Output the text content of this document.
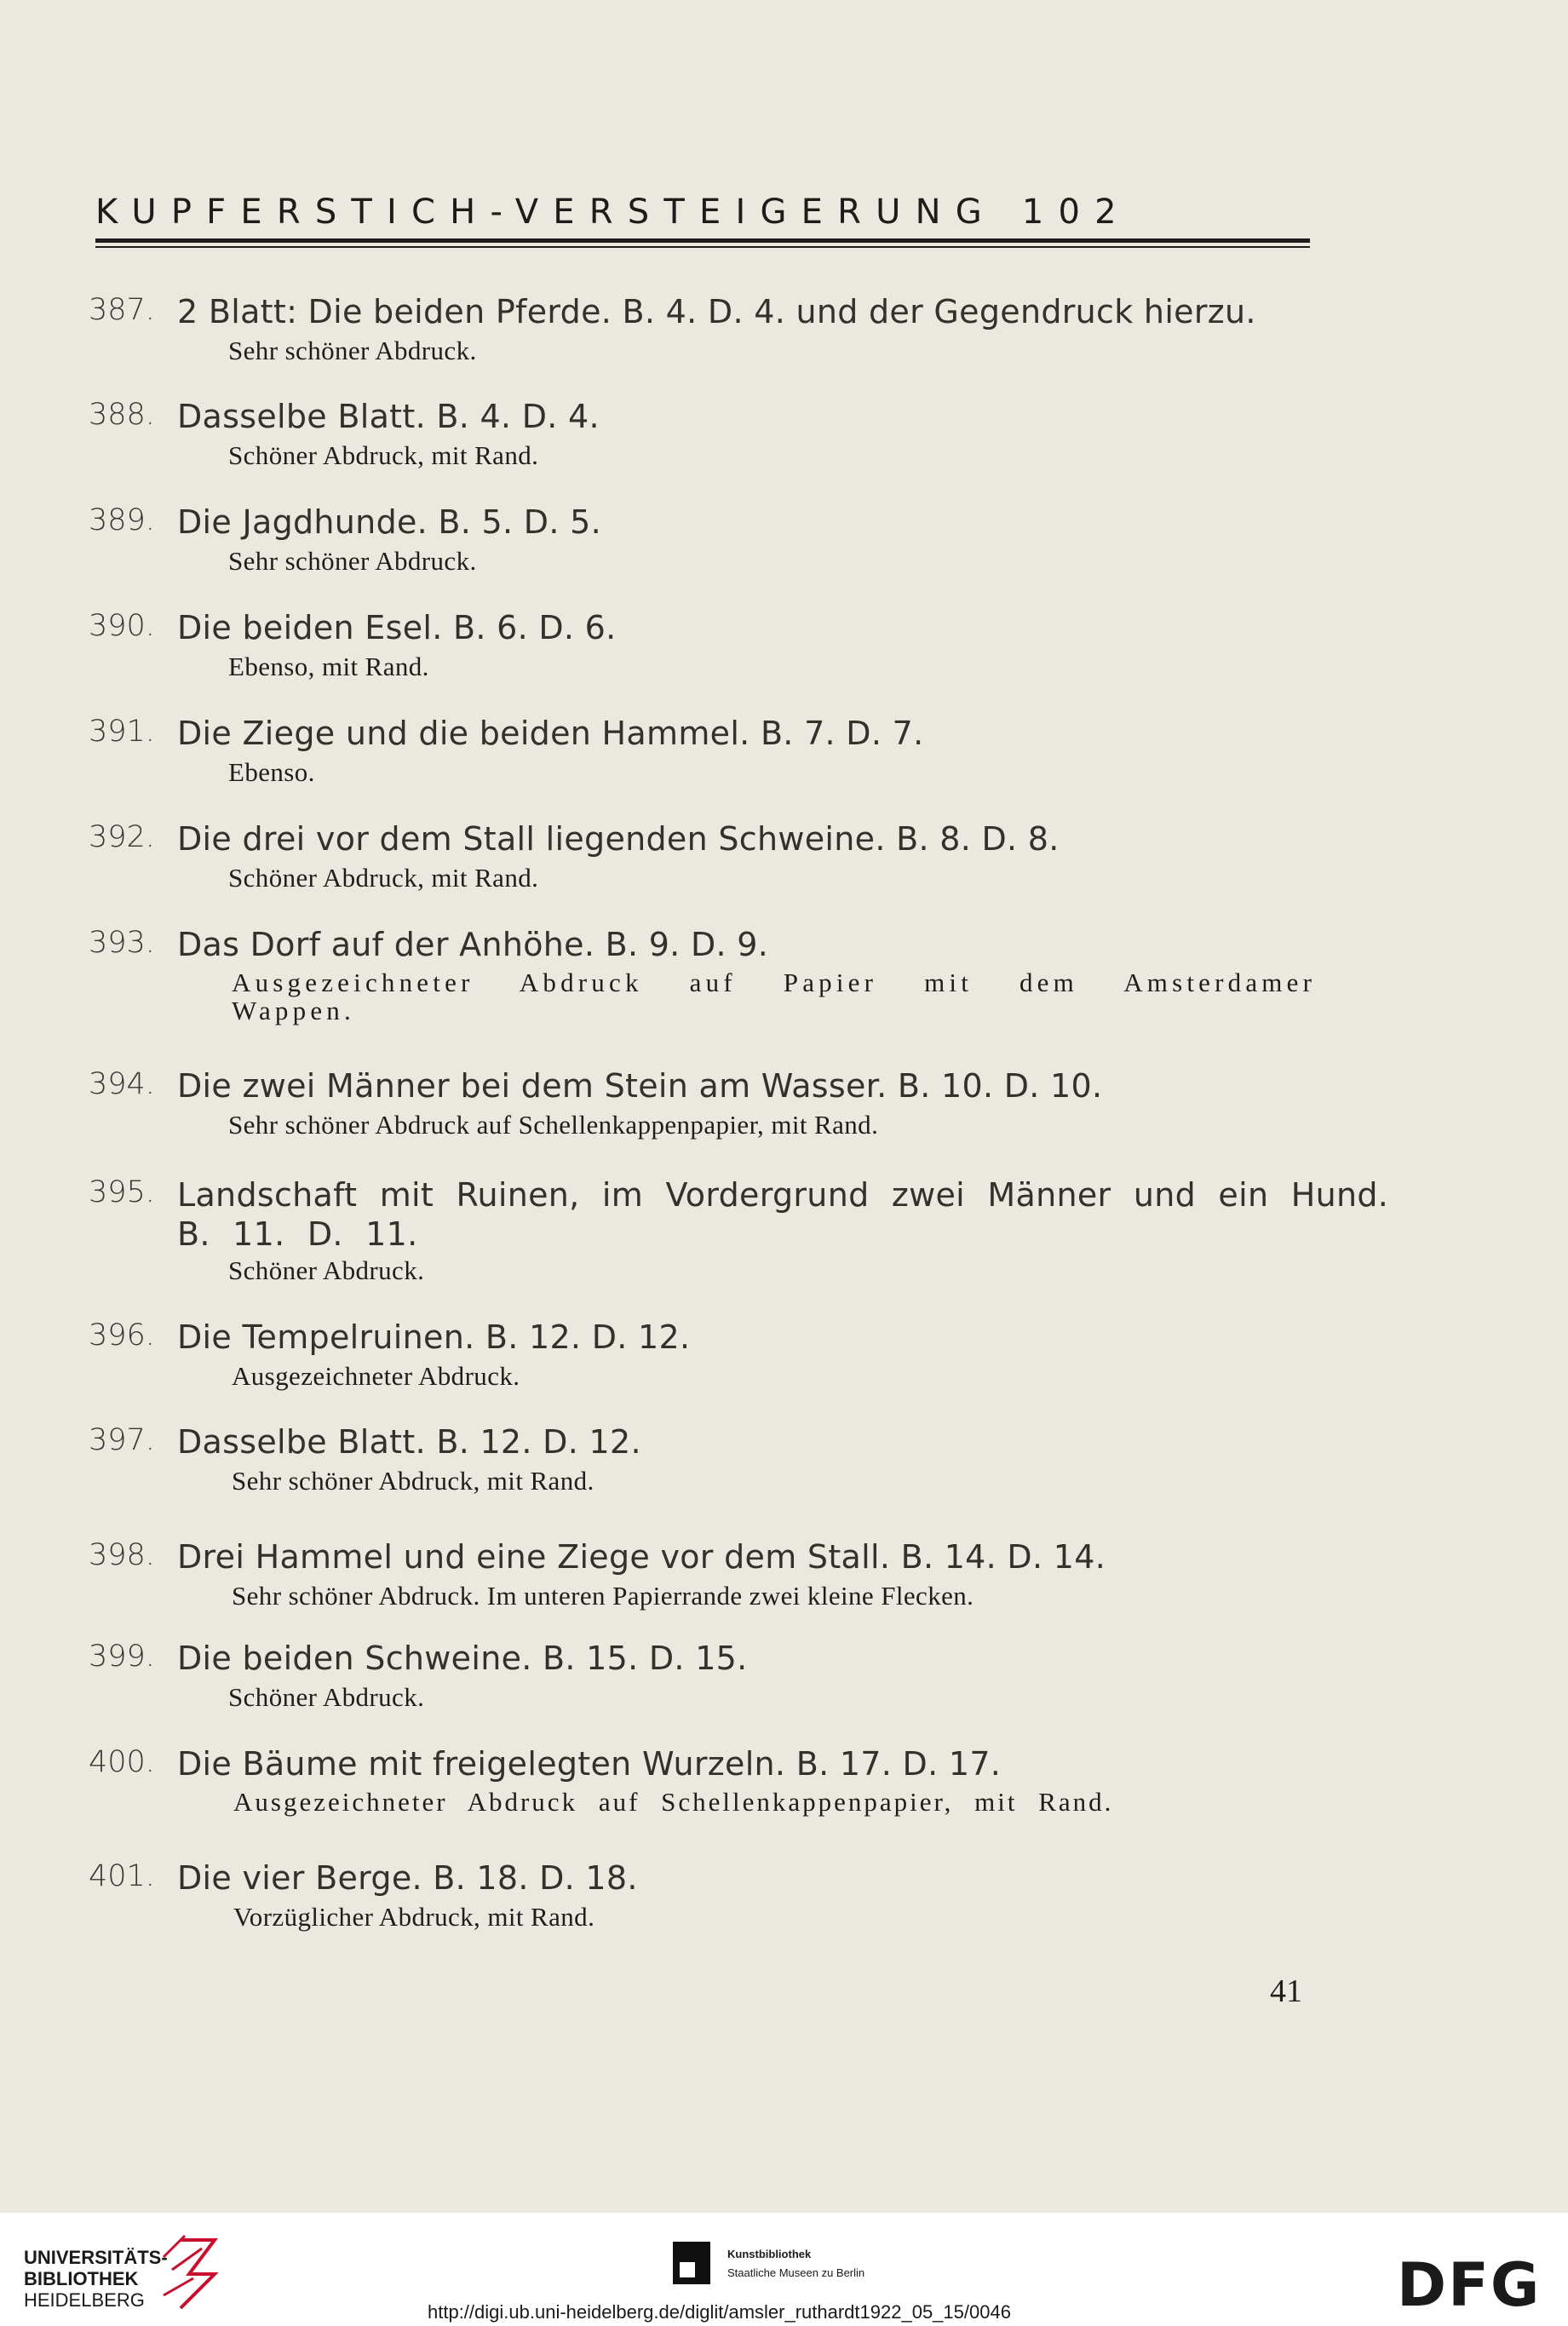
KUPFERSTICH-VERSTEIGERUNG 102
387. 2 Blatt: Die beiden Pferde. B. 4. D. 4. und der Gegendruck hierzu.
Sehr schöner Abdruck.
388. Dasselbe Blatt. B. 4. D. 4.
Schöner Abdruck, mit Rand.
389. Die Jagdhunde. B. 5. D. 5.
Sehr schöner Abdruck.
390. Die beiden Esel. B. 6. D. 6.
Ebenso, mit Rand.
391. Die Ziege und die beiden Hammel. B. 7. D. 7.
Ebenso.
392. Die drei vor dem Stall liegenden Schweine. B. 8. D. 8.
Schöner Abdruck, mit Rand.
393. Das Dorf auf der Anhöhe. B. 9. D. 9.
Ausgezeichneter Abdruck auf Papier mit dem Amsterdamer Wappen.
394. Die zwei Männer bei dem Stein am Wasser. B. 10. D. 10.
Sehr schöner Abdruck auf Schellenkappenpapier, mit Rand.
395. Landschaft mit Ruinen, im Vordergrund zwei Männer und ein Hund. B. 11. D. 11.
Schöner Abdruck.
396. Die Tempelruinen. B. 12. D. 12.
Ausgezeichneter Abdruck.
397. Dasselbe Blatt. B. 12. D. 12.
Sehr schöner Abdruck, mit Rand.
398. Drei Hammel und eine Ziege vor dem Stall. B. 14. D. 14.
Sehr schöner Abdruck. Im unteren Papierrande zwei kleine Flecken.
399. Die beiden Schweine. B. 15. D. 15.
Schöner Abdruck.
400. Die Bäume mit freigelegten Wurzeln. B. 17. D. 17.
Ausgezeichneter Abdruck auf Schellenkappenpapier, mit Rand.
401. Die vier Berge. B. 18. D. 18.
Vorzüglicher Abdruck, mit Rand.
41
UNIVERSITÄTS-
BIBLIOTHEK
HEIDELBERG
Kunstbibliothek
Staatliche Museen zu Berlin	DFG
http://digi.ub.uni-heidelberg.de/diglit/amsler_ruthardt1922_05_15/0046
